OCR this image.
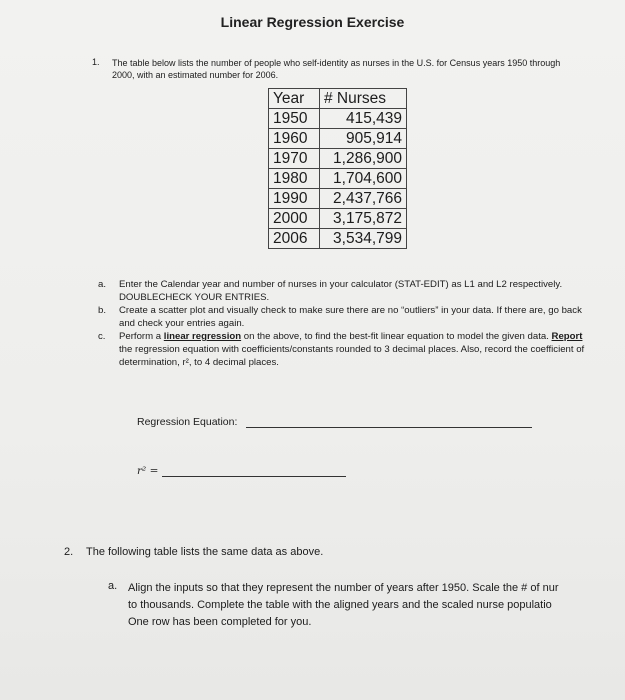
Linear Regression Exercise
1. The table below lists the number of people who self-identity as nurses in the U.S. for Census years 1950 through 2000, with an estimated number for 2006.
Year	# Nurses
1950	415,439
1960	905,914
1970	1,286,900
1980	1,704,600
1990	2,437,766
2000	3,175,872
2006	3,534,799
a. Enter the Calendar year and number of nurses in your calculator (STAT-EDIT) as L1 and L2 respectively. DOUBLECHECK YOUR ENTRIES.
b. Create a scatter plot and visually check to make sure there are no “outliers” in your data. If there are, go back and check your entries again.
c. Perform a linear regression on the above, to find the best-fit linear equation to model the given data. Report the regression equation with coefficients/constants rounded to 3 decimal places. Also, record the coefficient of determination, r², to 4 decimal places.
Regression Equation:
r² =
2. The following table lists the same data as above.
a. Align the inputs so that they represent the number of years after 1950. Scale the # of nur
to thousands. Complete the table with the aligned years and the scaled nurse populatio
One row has been completed for you.
